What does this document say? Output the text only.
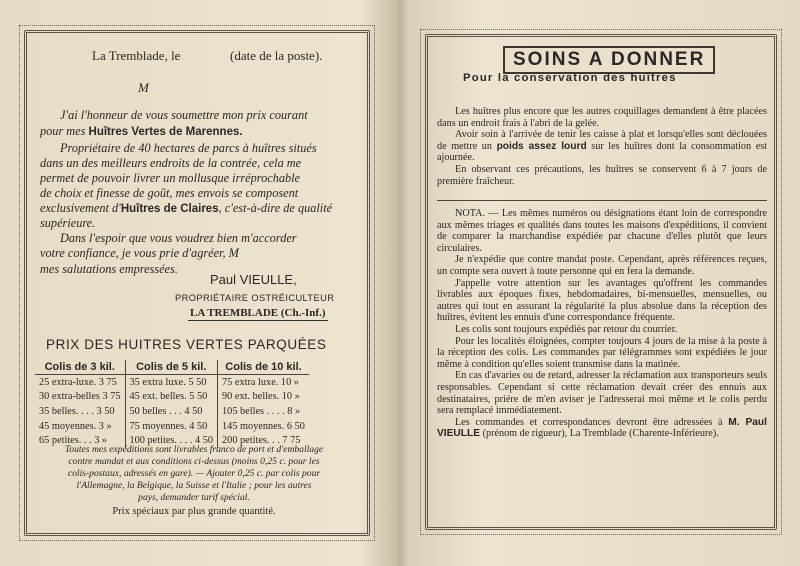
La Tremblade, le	(date de la poste).
M
J'ai l'honneur de vous soumettre mon prix courant
pour mes Huîtres Vertes de Marennes.
Propriétaire de 40 hectares de parcs à huîtres situés
dans un des meilleurs endroits de la contrée, cela me
permet de pouvoir livrer un mollusque irréprochable
de choix et finesse de goût, mes envois se composent
exclusivement d'Huîtres de Claires, c'est-à-dire de qualité
supérieure.
Dans l'espoir que vous voudrez bien m'accorder
votre confiance, je vous prie d'agréer, M
mes salutations empressées.
Paul VIEULLE,
PROPRIÉTAIRE OSTRÉICULTEUR
LA TREMBLADE (Ch.-Inf.)
PRIX DES HUITRES VERTES PARQUÉES
Colis de 3 kil.	Colis de 5 kil.	Colis de 10 kil.
25 extra-luxe. 3 75	35 extra luxe. 5 50	75 extra luxe. 10 »
30 extra-belles 3 75	45 ext. belles. 5 50	90 ext. belles. 10 »
35 belles. . . . 3 50	50 belles . . . 4 50	105 belles . . . . 8 »
45 moyennes. 3 »	75 moyennes. 4 50	145 moyennes. 6 50
65 petites. . . 3 »	100 petites. . . . 4 50	200 petites. . . 7 75
Toutes mes expéditions sont livrables franco de port et d'emballage
contre mandat et aux conditions ci-dessus (moins 0,25 c. pour les
colis-postaux, adressés en gare). — Ajouter 0,25 c. par colis pour
l'Allemagne, la Belgique, la Suisse et l'Italie ; pour les autres
pays, demander tarif spécial.
Prix spéciaux par plus grande quantité.
SOINS A DONNER
Pour la conservation des huîtres

Les huîtres plus encore que les autres coquillages demandent à être placées dans un endroit frais à l'abri de la gelée.

Avoir soin à l'arrivée de tenir les caisse à plat et lorsqu'elles sont déclouées de mettre un poids assez lourd sur les huîtres dont la consommation est ajournée.

En observant ces précautions, les huîtres se conservent 6 à 7 jours de première fraîcheur.

NOTA. — Les mêmes numéros ou désignations étant loin de correspondre aux mêmes triages et qualités dans toutes les maisons d'expéditions, il convient de comparer la marchandise expédiée par chacune d'elles plutôt que leurs circulaires.

Je n'expédie que contre mandat poste. Cependant, après références reçues, un compte sera ouvert à toute personne qui en fera la demande.

J'appelle votre attention sur les avantages qu'offrent les commandes livrables aux époques fixes, hebdomadaires, bi-mensuelles, mensuelles, ou autres qui tout en assurant la régularité la plus absolue dans la réception des huîtres, évitent les ennuis d'une correspondance fréquente.

Les colis sont toujours expédiés par retour du courrier.

Pour les localités éloignées, compter toujours 4 jours de la mise à la poste à la réception des colis. Les commandes par télégrammes sont expédiées le jour même à condition qu'elles soient transmise dans la matinée.

En cas d'avaries ou de retard, adresser la réclamation aux transporteurs seuls responsables. Cependant si cette réclamation devait créer des ennuis aux destinataires, priére de m'en aviser je l'adresserai moi même et le colis perdu sera remplacé immédiatement.

Les commandes et correspondances devront être adressées à M. Paul VIEULLE (prénom de rigueur), La Tremblade (Charente-Inférieure).
